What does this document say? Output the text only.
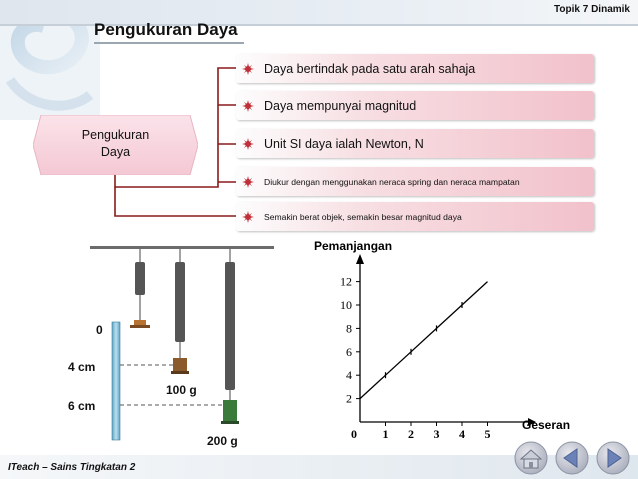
Topik 7 Dinamik
Pengukuran Daya
Pengukuran
Daya
Daya bertindak pada satu arah sahaja
Daya mempunyai magnitud
Unit SI daya ialah Newton, N
Diukur dengan menggunakan neraca spring dan neraca mampatan
Semakin berat objek, semakin besar magnitud daya
0
4 cm
6 cm
100 g
200 g
2
4
6
8
10
12
0 1 2 3 4 5
Pemanjangan
Geseran
ITeach – Sains Tingkatan 2
